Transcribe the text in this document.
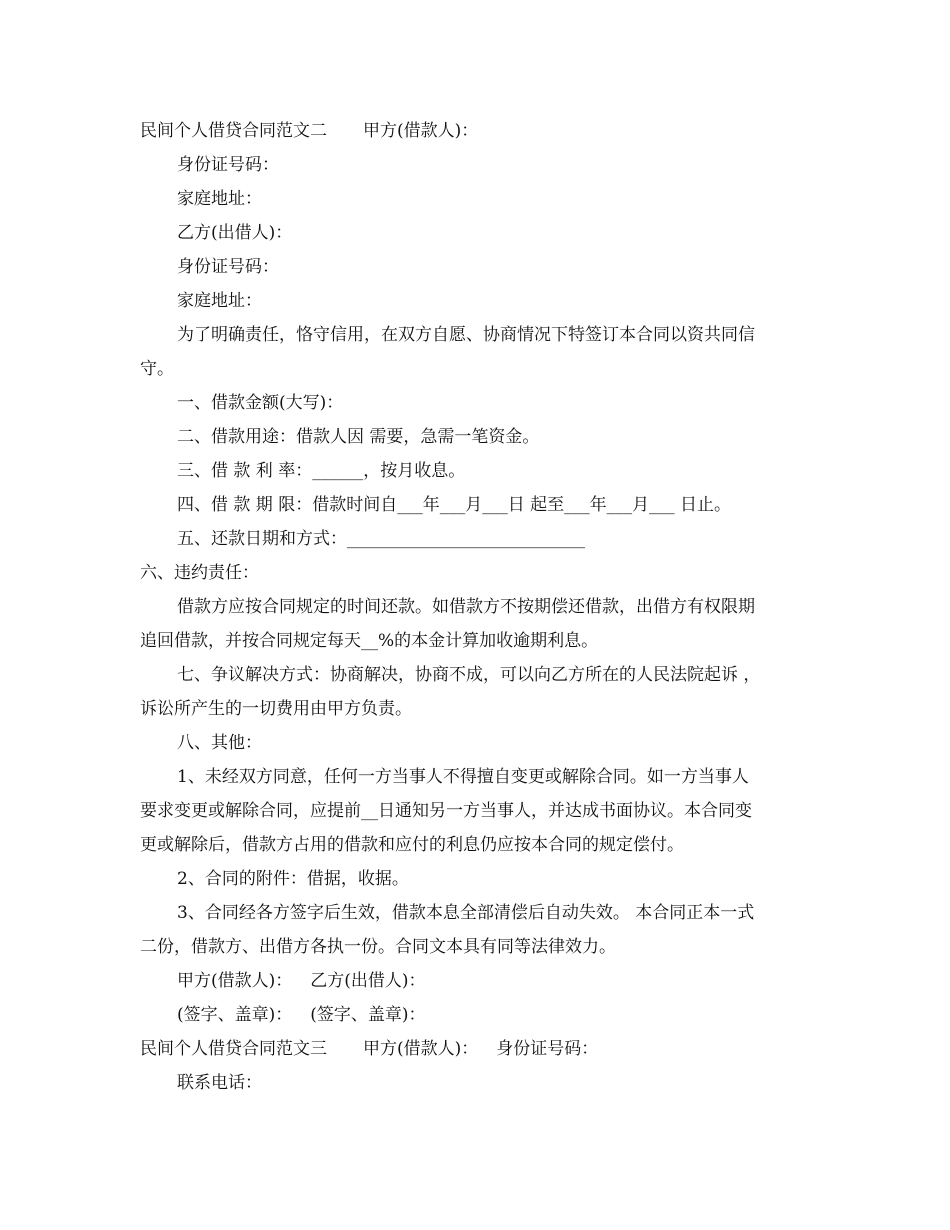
民间个人借贷合同范文二 甲方(借款人)：
身份证号码：
家庭地址：
乙方(出借人)：
身份证号码：
家庭地址：
为了明确责任，恪守信用，在双方自愿、协商情况下特签订本合同以资共同信
守。
一、借款金额(大写)：
二、借款用途：借款人因 需要，急需一笔资金。
三、借 款 利 率：______，按月收息。
四、借 款 期 限：借款时间自___年___月___日 起至___年___月___ 日止。
五、还款日期和方式：____________________________
六、违约责任：
借款方应按合同规定的时间还款。如借款方不按期偿还借款，出借方有权限期
追回借款，并按合同规定每天__%的本金计算加收逾期利息。
七、争议解决方式：协商解决，协商不成，可以向乙方所在的人民法院起诉 ，
诉讼所产生的一切费用由甲方负责。
八、其他：
1、未经双方同意，任何一方当事人不得擅自变更或解除合同。如一方当事人
要求变更或解除合同，应提前__日通知另一方当事人，并达成书面协议。本合同变
更或解除后，借款方占用的借款和应付的利息仍应按本合同的规定偿付。
2、合同的附件：借据，收据。
3、合同经各方签字后生效，借款本息全部清偿后自动失效。 本合同正本一式
二份，借款方、出借方各执一份。合同文本具有同等法律效力。
甲方(借款人)： 乙方(出借人)：
(签字、盖章)： (签字、盖章)：
民间个人借贷合同范文三 甲方(借款人)： 身份证号码：
联系电话：
